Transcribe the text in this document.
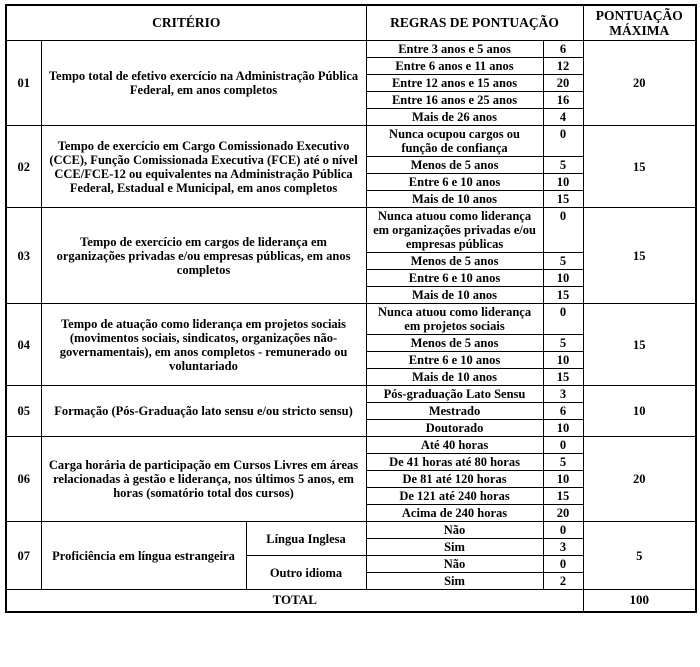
CRITÉRIO			REGRAS DE PONTUAÇÃO		PONTUAÇÃO MÁXIMA
01	Tempo total de efetivo exercício na Administração Pública Federal, em anos completos		Entre 3 anos e 5 anos	6	20
			Entre 6 anos e 11 anos	12	
			Entre 12 anos e 15 anos	20	
			Entre 16 anos e 25 anos	16	
			Mais de 26 anos	4	
02	Tempo de exercício em Cargo Comissionado Executivo (CCE), Função Comissionada Executiva (FCE) até o nível CCE/FCE-12 ou equivalentes na Administração Pública Federal, Estadual e Municipal, em anos completos		Nunca ocupou cargos ou função de confiança	0	15
			Menos de 5 anos	5	
			Entre 6 e 10 anos	10	
			Mais de 10 anos	15	
03	Tempo de exercício em cargos de liderança em organizações privadas e/ou empresas públicas, em anos completos		Nunca atuou como liderança em organizações privadas e/ou empresas públicas	0	15
			Menos de 5 anos	5	
			Entre 6 e 10 anos	10	
			Mais de 10 anos	15	
04	Tempo de atuação como liderança em projetos sociais (movimentos sociais, sindicatos, organizações não-governamentais), em anos completos - remunerado ou voluntariado		Nunca atuou como liderança em projetos sociais	0	15
			Menos de 5 anos	5	
			Entre 6 e 10 anos	10	
			Mais de 10 anos	15	
05	Formação (Pós-Graduação lato sensu e/ou stricto sensu)		Pós-graduação Lato Sensu	3	10
			Mestrado	6	
			Doutorado	10	
06	Carga horária de participação em Cursos Livres em áreas relacionadas à gestão e liderança, nos últimos 5 anos, em horas (somatório total dos cursos)		Até 40 horas	0	20
			De 41 horas até 80 horas	5	
			De 81 até 120 horas	10	
			De 121 até 240 horas	15	
			Acima de 240 horas	20	
07	Proficiência em língua estrangeira	Língua Inglesa	Não	0	5
			Sim	3	
		Outro idioma	Não	0	
			Sim	2	
TOTAL					100
